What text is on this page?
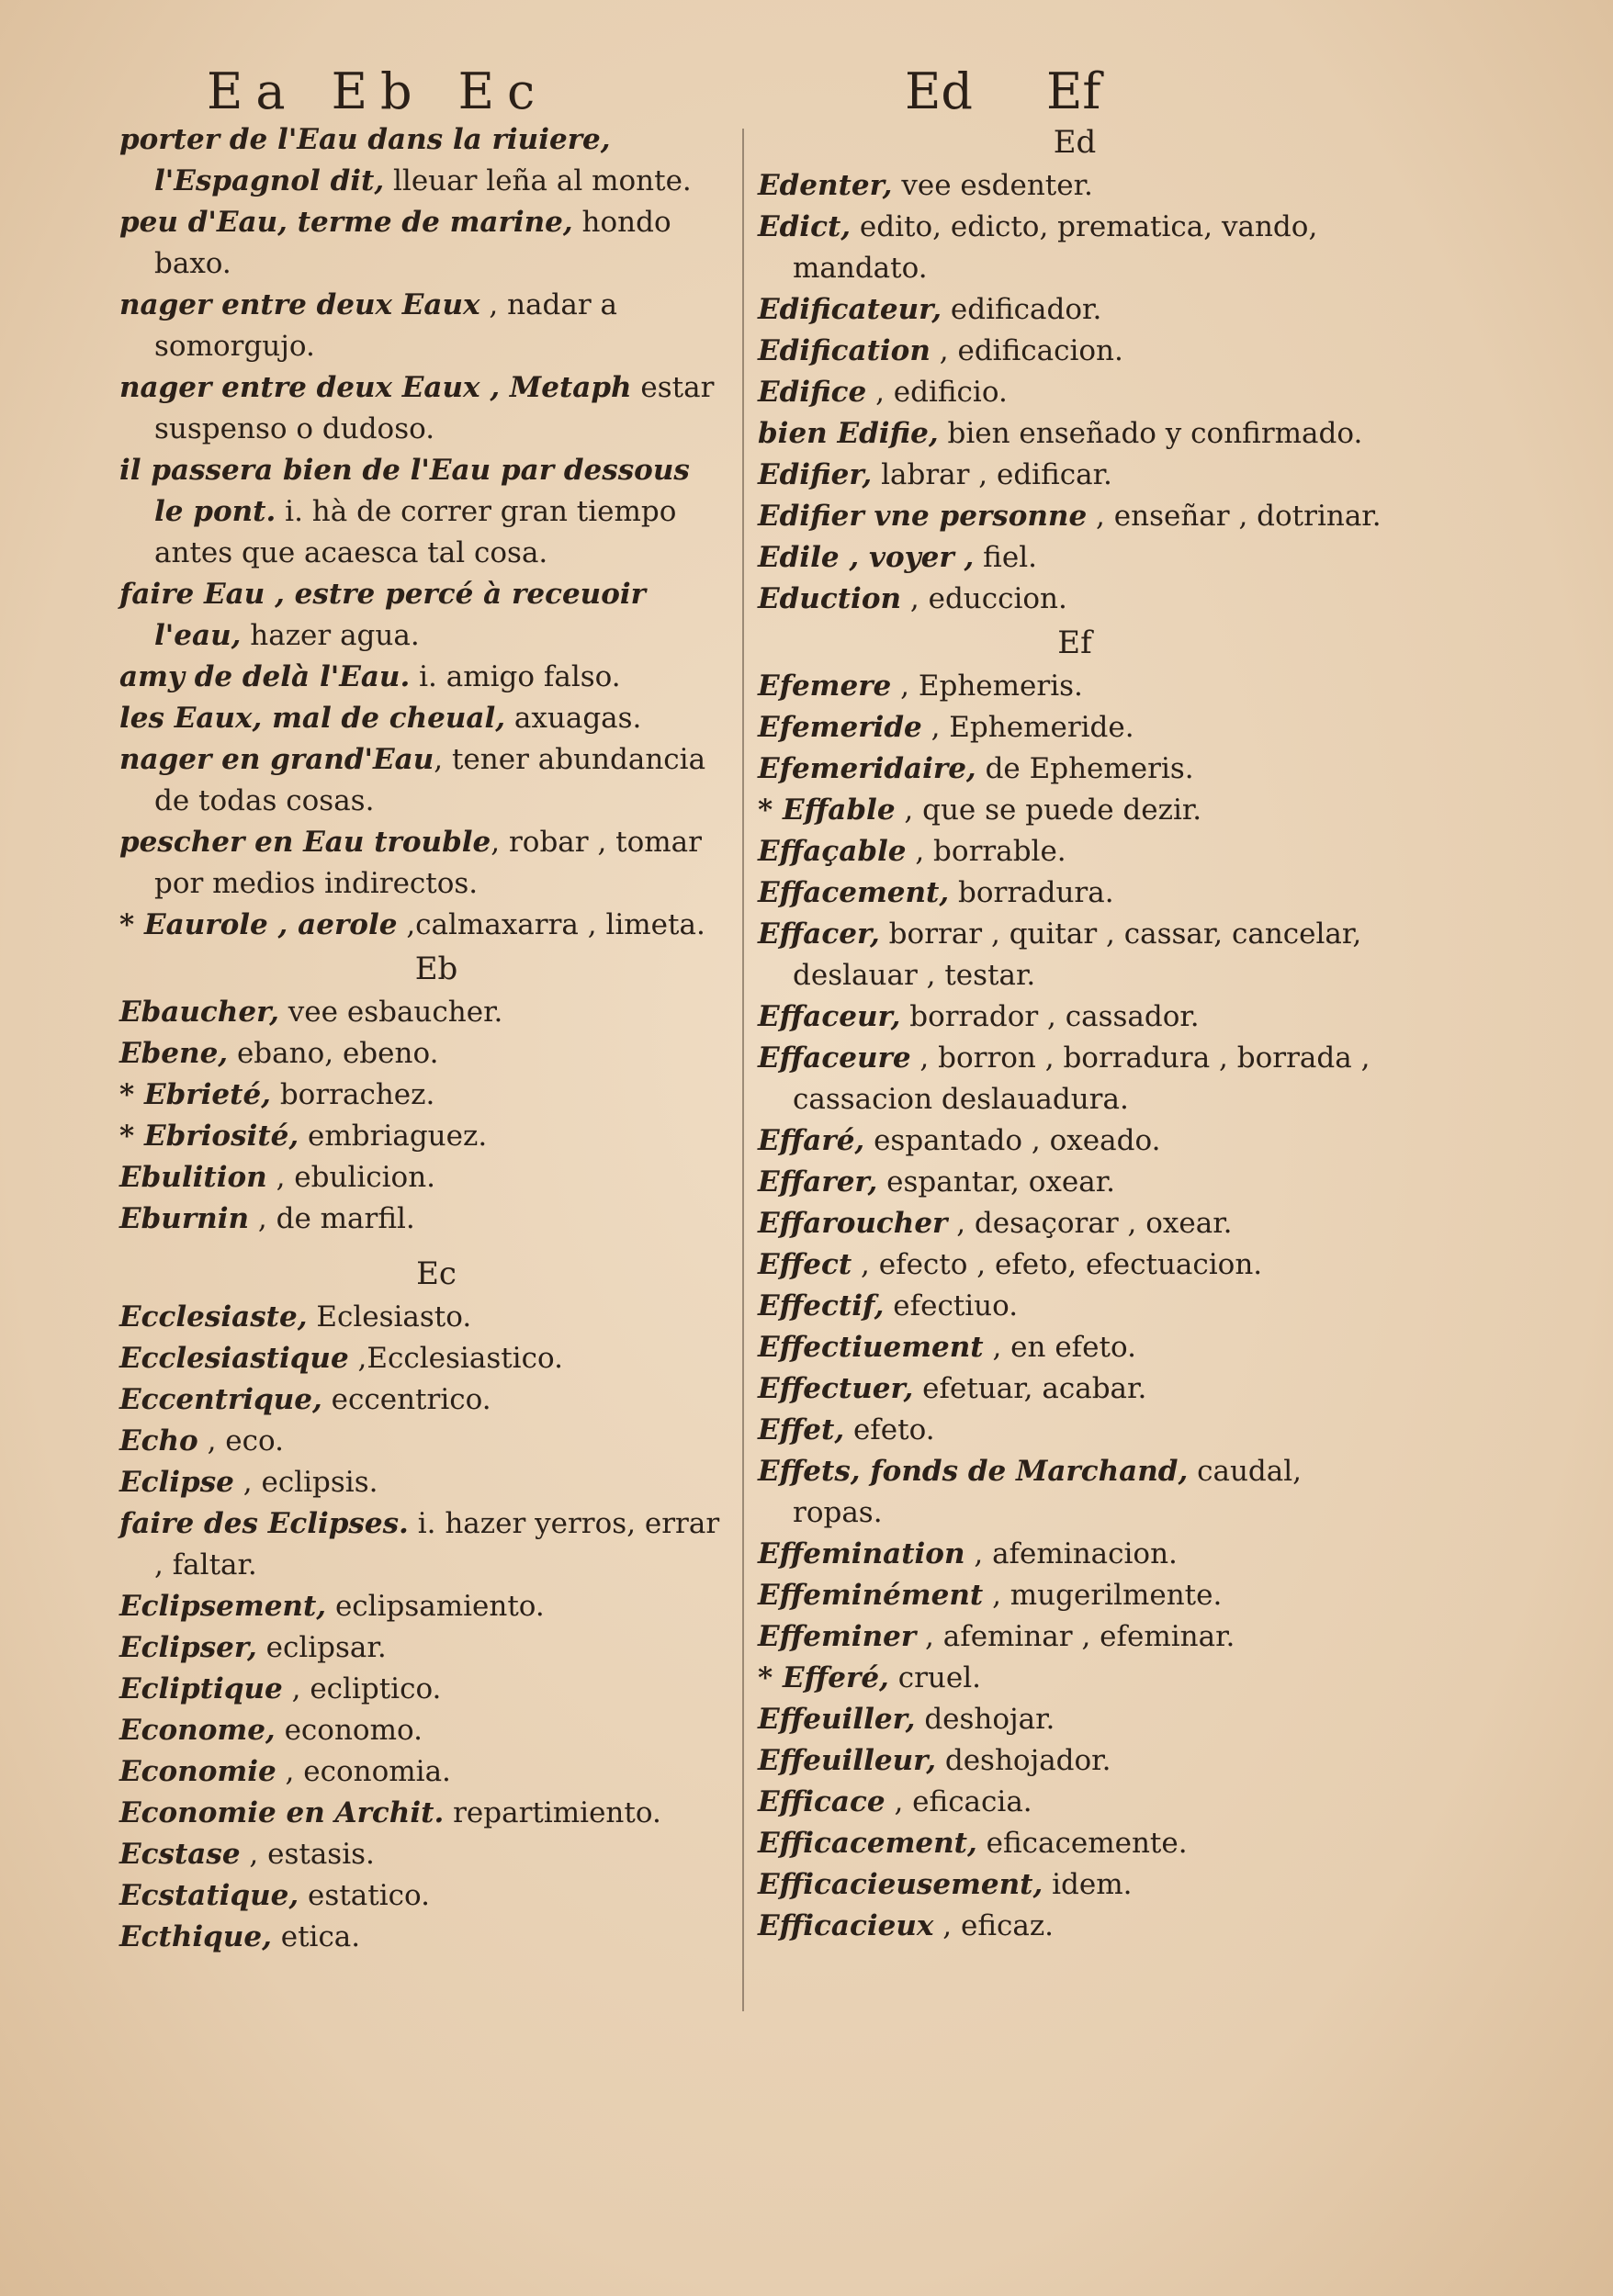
Ea Eb Ec	Ed Ef

porter de l'Eau dans la riuiere, l'Espagnol dit, lleuar leña al monte.

peu d'Eau, terme de marine, hondo baxo.

nager entre deux Eaux , nadar a somorgujo.

nager entre deux Eaux , Metaph estar suspenso o dudoso.

il passera bien de l'Eau par dessous le pont. i. hà de correr gran tiempo antes que acaesca tal cosa.

faire Eau , estre percé à receuoir l'eau, hazer agua.

amy de delà l'Eau. i. amigo falso.

les Eaux, mal de cheual, axuagas.

nager en grand'Eau, tener abundancia de todas cosas.

pescher en Eau trouble, robar , tomar por medios indirectos.

* Eaurole , aerole ,calmaxarra , limeta.

Eb

Ebaucher, vee esbaucher.

Ebene, ebano, ebeno.

* Ebrieté, borrachez.

* Ebriosité, embriaguez.

Ebulition , ebulicion.

Eburnin , de marfil.

Ec

Ecclesiaste, Eclesiasto.

Ecclesiastique ,Ecclesiastico.

Eccentrique, eccentrico.

Echo , eco.

Eclipse , eclipsis.

faire des Eclipses. i. hazer yerros, errar , faltar.

Eclipsement, eclipsamiento.

Eclipser, eclipsar.

Ecliptique , ecliptico.

Econome, economo.

Economie , economia.

Economie en Archit. repartimiento.

Ecstase , estasis.

Ecstatique, estatico.

Ecthique, etica.

Ed

Edenter, vee esdenter.

Edict, edito, edicto, prematica, vando, mandato.

Edificateur, edificador.

Edification , edificacion.

Edifice , edificio.

bien Edifie, bien enseñado y confirmado.

Edifier, labrar , edificar.

Edifier vne personne , enseñar , dotrinar.

Edile , voyer , fiel.

Eduction , educcion.

Ef

Efemere , Ephemeris.

Efemeride , Ephemeride.

Efemeridaire, de Ephemeris.

* Effable , que se puede dezir.

Effaçable , borrable.

Effacement, borradura.

Effacer, borrar , quitar , cassar, cancelar, deslauar , testar.

Effaceur, borrador , cassador.

Effaceure , borron , borradura , borrada , cassacion deslauadura.

Effaré, espantado , oxeado.

Effarer, espantar, oxear.

Effaroucher , desaçorar , oxear.

Effect , efecto , efeto, efectuacion.

Effectif, efectiuo.

Effectiuement , en efeto.

Effectuer, efetuar, acabar.

Effet, efeto.

Effets, fonds de Marchand, caudal, ropas.

Effemination , afeminacion.

Effeminément , mugerilmente.

Effeminer , afeminar , efeminar.

* Efferé, cruel.

Effeuiller, deshojar.

Effeuilleur, deshojador.

Efficace , eficacia.

Efficacement, eficacemente.

Efficacieusement, idem.

Efficacieux , eficaz.
